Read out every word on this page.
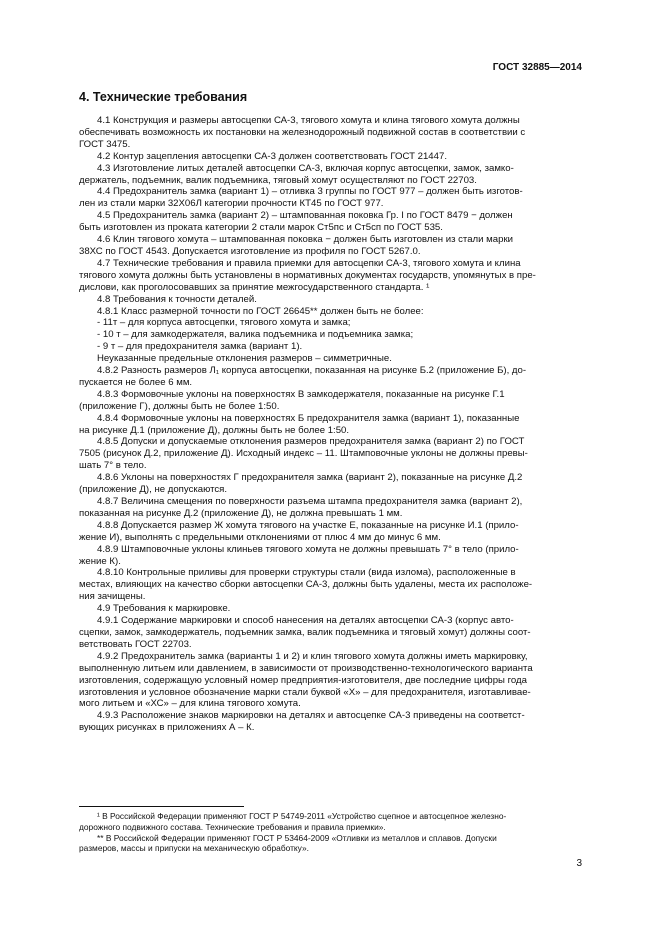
ГОСТ 32885—2014
4. Технические требования
4.1 Конструкция и размеры автосцепки СА-3, тягового хомута и клина тягового хомута должны
обеспечивать возможность их постановки на железнодорожный подвижной состав в соответствии с
ГОСТ 3475.
4.2 Контур зацепления автосцепки СА-3 должен соответствовать ГОСТ 21447.
4.3 Изготовление литых деталей автосцепки СА-3, включая корпус автосцепки, замок, замко-
держатель, подъемник, валик подъемника, тяговый хомут осуществляют по ГОСТ 22703.
4.4 Предохранитель замка (вариант 1) – отливка 3 группы по ГОСТ 977 – должен быть изготов-
лен из стали марки 32Х06Л категории прочности КТ45 по ГОСТ 977.
4.5 Предохранитель замка (вариант 2) – штампованная поковка Гр. I по ГОСТ 8479 − должен
быть изготовлен из проката категории 2 стали марок Ст5пс и Ст5сп по ГОСТ 535.
4.6 Клин тягового хомута – штампованная поковка − должен быть изготовлен из стали марки
38ХС по ГОСТ 4543. Допускается изготовление из профиля по ГОСТ 5267.0.
4.7 Технические требования и правила приемки для автосцепки СА-3, тягового хомута и клина
тягового хомута должны быть установлены в нормативных документах государств, упомянутых в пре-
дислови, как проголосовавших за принятие межгосударственного стандарта. ¹
4.8 Требования к точности деталей.
4.8.1 Класс размерной точности по ГОСТ 26645** должен быть не более:
- 11т – для корпуса автосцепки, тягового хомута и замка;
- 10 т – для замкодержателя, валика подъемника и подъемника замка;
- 9 т – для предохранителя замка (вариант 1).
Неуказанные предельные отклонения размеров – симметричные.
4.8.2 Разность размеров Л₁ корпуса автосцепки, показанная на рисунке Б.2 (приложение Б), до-
пускается не более 6 мм.
4.8.3 Формовочные уклоны на поверхностях В замкодержателя, показанные на рисунке Г.1
(приложение Г), должны быть не более 1:50.
4.8.4 Формовочные уклоны на поверхностях Б предохранителя замка (вариант 1), показанные
на рисунке Д.1 (приложение Д), должны быть не более 1:50.
4.8.5 Допуски и допускаемые отклонения размеров предохранителя замка (вариант 2) по ГОСТ
7505 (рисунок Д.2, приложение Д). Исходный индекс – 11. Штамповочные уклоны не должны превы-
шать 7° в тело.
4.8.6 Уклоны на поверхностях Г предохранителя замка (вариант 2), показанные на рисунке Д.2
(приложение Д), не допускаются.
4.8.7 Величина смещения по поверхности разъема штампа предохранителя замка (вариант 2),
показанная на рисунке Д.2 (приложение Д), не должна превышать 1 мм.
4.8.8 Допускается размер Ж хомута тягового на участке Е, показанные на рисунке И.1 (прило-
жение И), выполнять с предельными отклонениями от плюс 4 мм до минус 6 мм.
4.8.9 Штамповочные уклоны клиньев тягового хомута не должны превышать 7° в тело (прило-
жение К).
4.8.10 Контрольные приливы для проверки структуры стали (вида излома), расположенные в
местах, влияющих на качество сборки автосцепки СА-3, должны быть удалены, места их расположе-
ния зачищены.
4.9 Требования к маркировке.
4.9.1 Содержание маркировки и способ нанесения на деталях автосцепки СА-3 (корпус авто-
сцепки, замок, замкодержатель, подъемник замка, валик подъемника и тяговый хомут) должны соот-
ветствовать ГОСТ 22703.
4.9.2 Предохранитель замка (варианты 1 и 2) и клин тягового хомута должны иметь маркировку,
выполненную литьем или давлением, в зависимости от производственно-технологического варианта
изготовления, содержащую условный номер предприятия-изготовителя, две последние цифры года
изготовления и условное обозначение марки стали буквой «Х» – для предохранителя, изготавливае-
мого литьем и «ХС» – для клина тягового хомута.
4.9.3 Расположение знаков маркировки на деталях и автосцепке СА-3 приведены на соответст-
вующих рисунках в приложениях А – К.
¹ В Российской Федерации применяют ГОСТ Р 54749-2011 «Устройство сцепное и автосцепное железно-
дорожного подвижного состава. Технические требования и правила приемки».
** В Российской Федерации применяют ГОСТ Р 53464-2009 «Отливки из металлов и сплавов. Допуски
размеров, массы и припуски на механическую обработку».
3
